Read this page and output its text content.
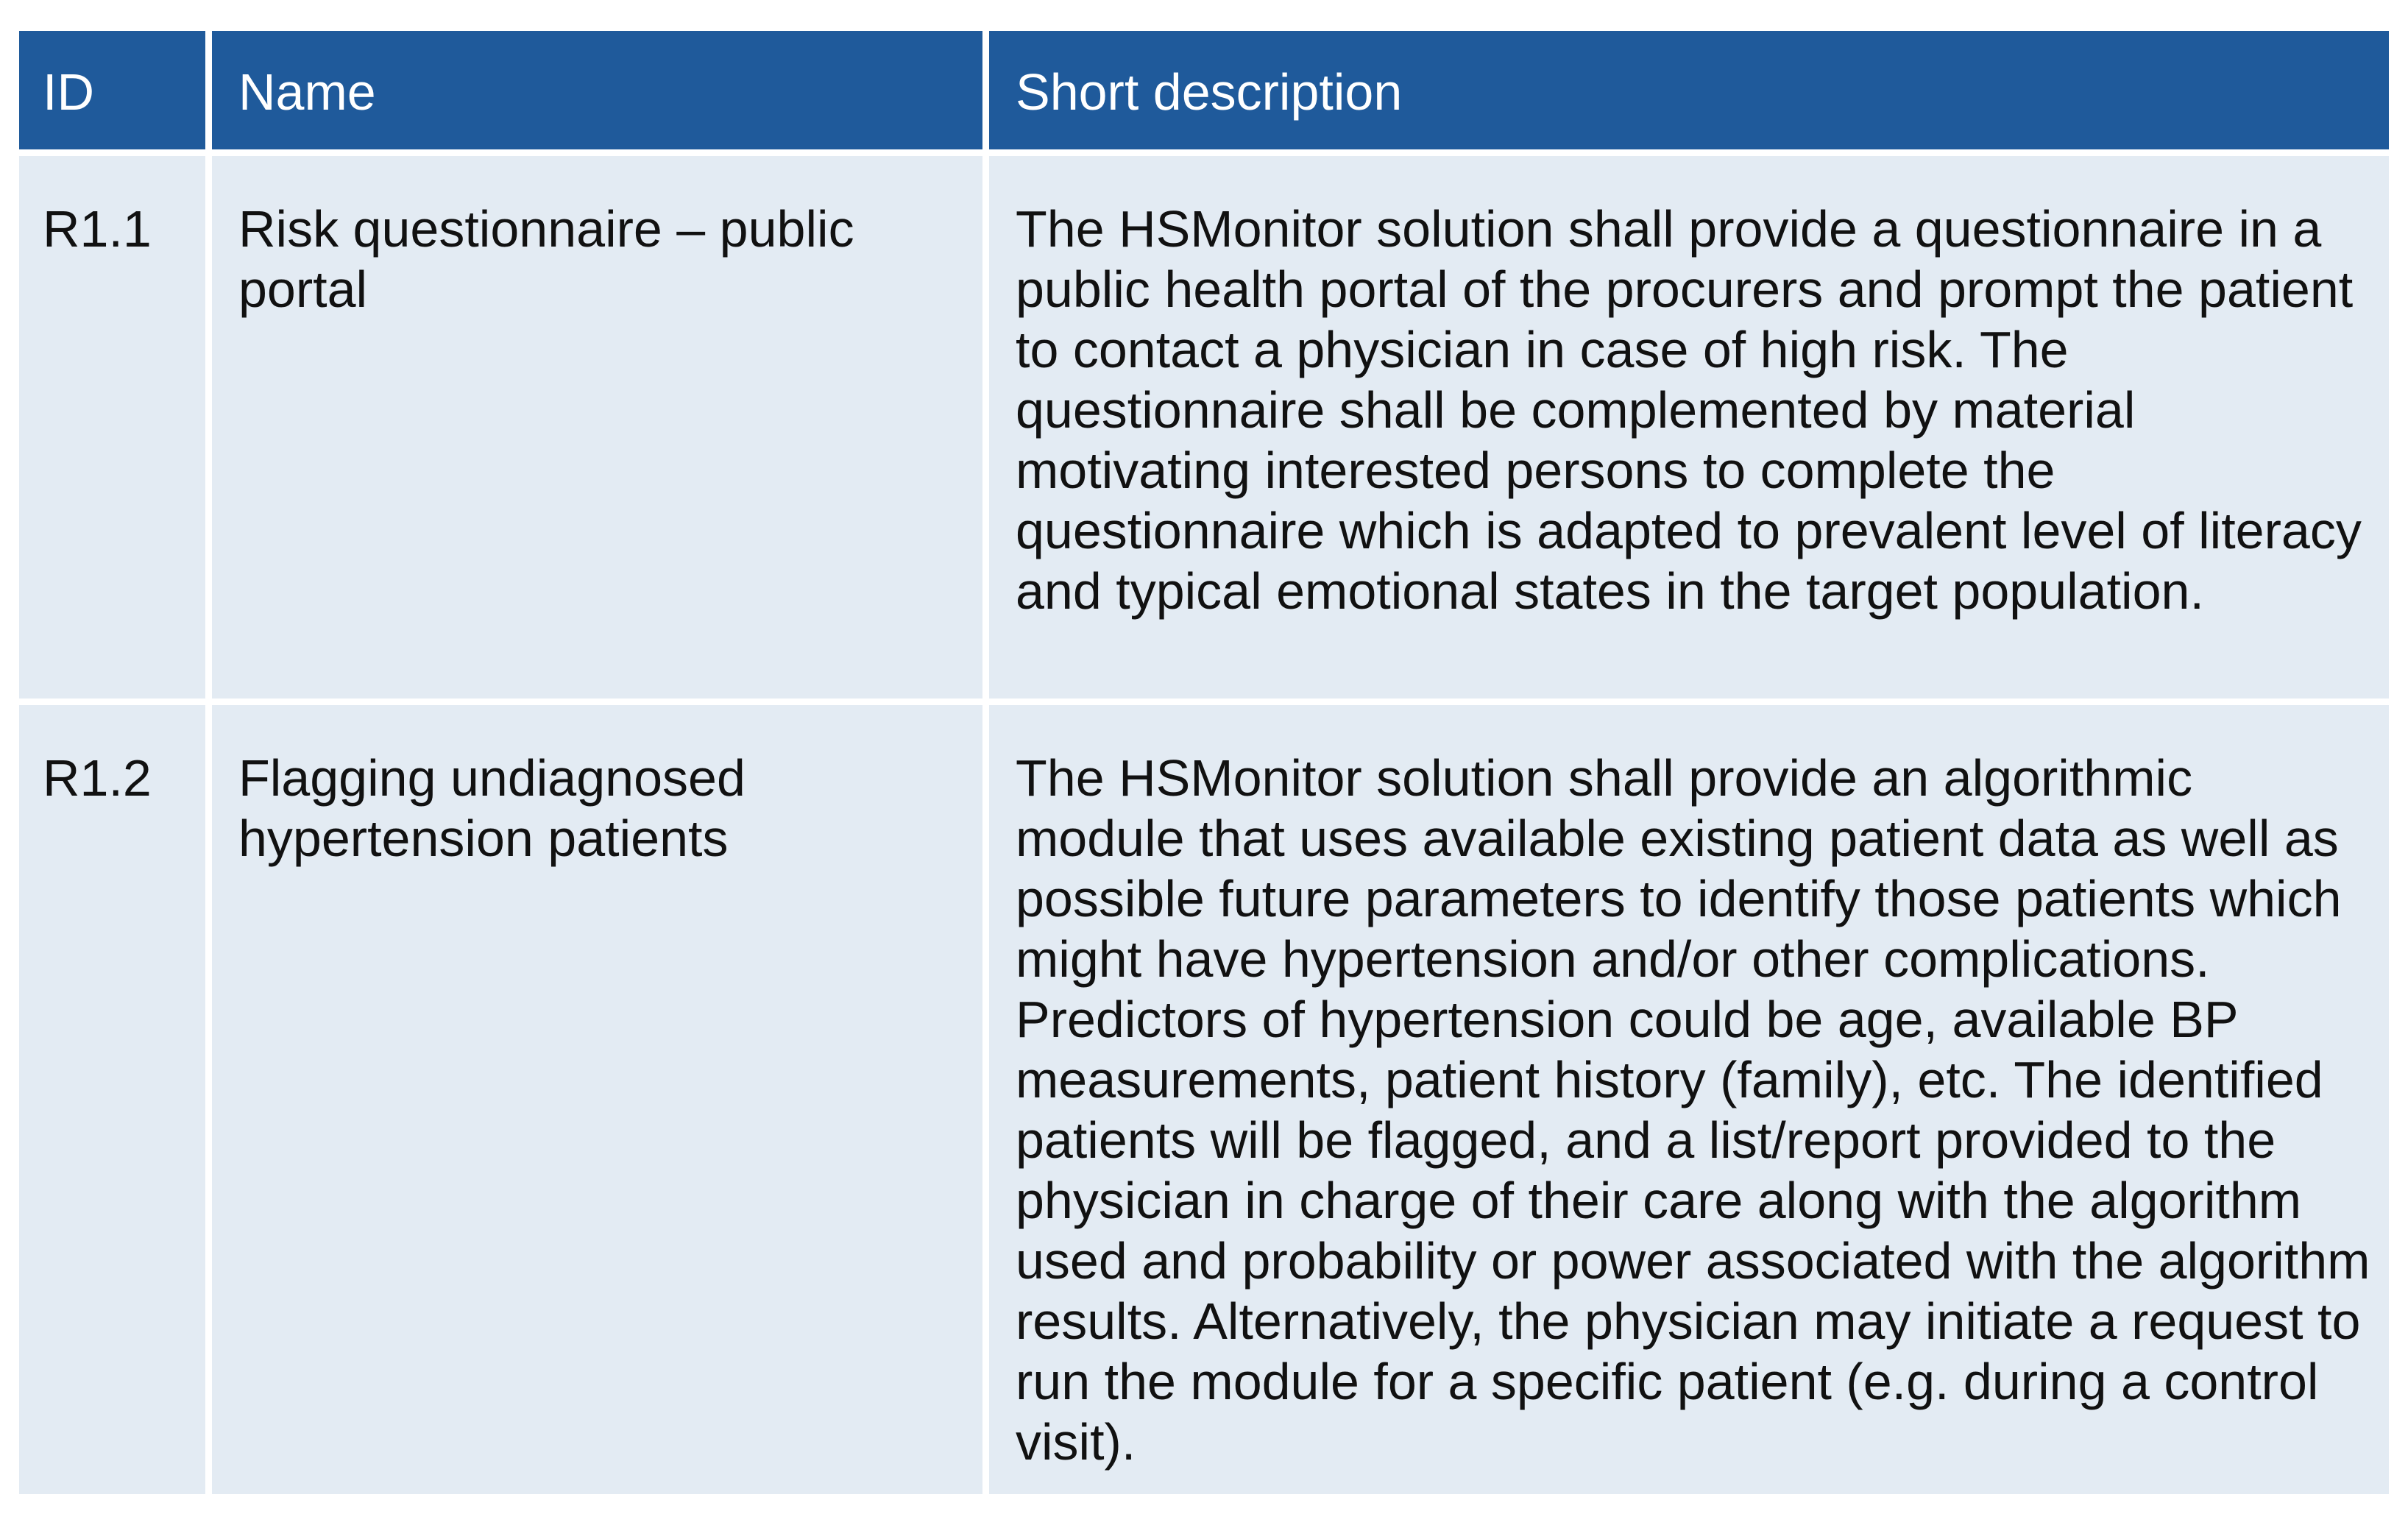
ID	Name	Short description
R1.1	Risk questionnaire – public portal	The HSMonitor solution shall provide a questionnaire in a public health portal of the procurers and prompt the patient to contact a physician in case of high risk. The questionnaire shall be complemented by material motivating interested persons to complete the questionnaire which is adapted to prevalent level of literacy and typical emotional states in the target population.
R1.2	Flagging undiagnosed hypertension patients	The HSMonitor solution shall provide an algorithmic module that uses available existing patient data as well as possible future parameters to identify those patients which might have hypertension and/or other complications. Predictors of hypertension could be age, available BP measurements, patient history (family), etc. The identified patients will be flagged, and a list/report provided to the physician in charge of their care along with the algorithm used and probability or power associated with the algorithm results. Alternatively, the physician may initiate a request to run the module for a specific patient (e.g. during a control visit).
